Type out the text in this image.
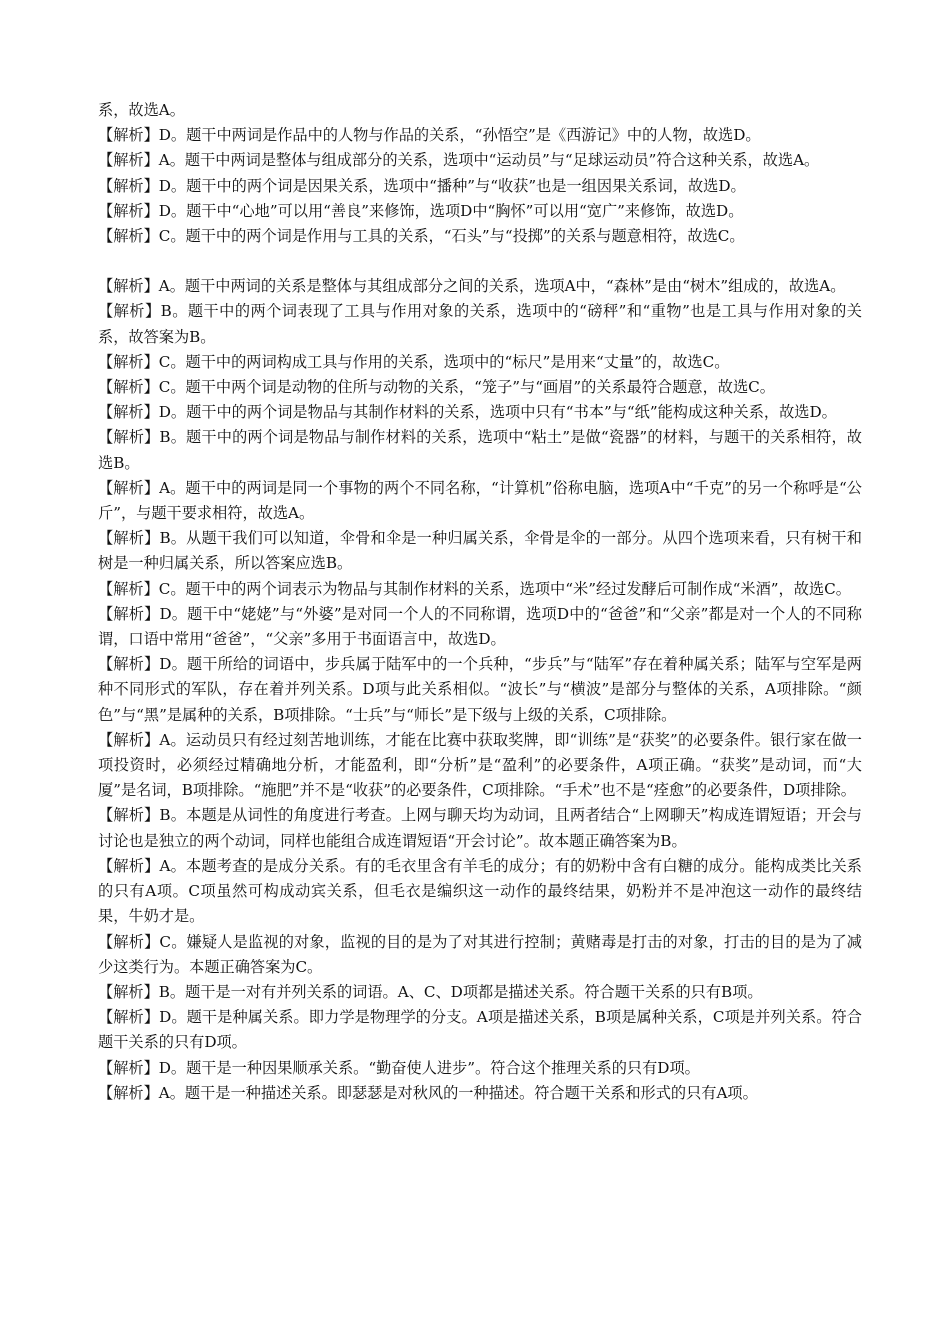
系，故选A。

【解析】D。题干中两词是作品中的人物与作品的关系，“孙悟空”是《西游记》中的人物，故选D。

【解析】A。题干中两词是整体与组成部分的关系，选项中“运动员”与“足球运动员”符合这种关系，故选A。

【解析】D。题干中的两个词是因果关系，选项中“播种”与“收获”也是一组因果关系词，故选D。

【解析】D。题干中“心地”可以用“善良”来修饰，选项D中“胸怀”可以用“宽广”来修饰，故选D。

【解析】C。题干中的两个词是作用与工具的关系，“石头”与“投掷”的关系与题意相符，故选C。

【解析】A。题干中两词的关系是整体与其组成部分之间的关系，选项A中，“森林”是由“树木”组成的，故选A。

【解析】B。题干中的两个词表现了工具与作用对象的关系，选项中的“磅秤”和“重物”也是工具与作用对象的关系，故答案为B。

【解析】C。题干中的两词构成工具与作用的关系，选项中的“标尺”是用来“丈量”的，故选C。

【解析】C。题干中两个词是动物的住所与动物的关系，“笼子”与“画眉”的关系最符合题意，故选C。

【解析】D。题干中的两个词是物品与其制作材料的关系，选项中只有“书本”与“纸”能构成这种关系，故选D。

【解析】B。题干中的两个词是物品与制作材料的关系，选项中“粘土”是做“瓷器”的材料，与题干的关系相符，故选B。

【解析】A。题干中的两词是同一个事物的两个不同名称，“计算机”俗称电脑，选项A中“千克”的另一个称呼是“公斤”，与题干要求相符，故选A。

【解析】B。从题干我们可以知道，伞骨和伞是一种归属关系，伞骨是伞的一部分。从四个选项来看，只有树干和树是一种归属关系，所以答案应选B。

【解析】C。题干中的两个词表示为物品与其制作材料的关系，选项中“米”经过发酵后可制作成“米酒”，故选C。

【解析】D。题干中“姥姥”与“外婆”是对同一个人的不同称谓，选项D中的“爸爸”和“父亲”都是对一个人的不同称谓，口语中常用“爸爸”，“父亲”多用于书面语言中，故选D。

【解析】D。题干所给的词语中，步兵属于陆军中的一个兵种，“步兵”与“陆军”存在着种属关系；陆军与空军是两种不同形式的军队，存在着并列关系。D项与此关系相似。“波长”与“横波”是部分与整体的关系，A项排除。“颜色”与“黑”是属种的关系，B项排除。“士兵”与“师长”是下级与上级的关系，C项排除。

【解析】A。运动员只有经过刻苦地训练，才能在比赛中获取奖牌，即“训练”是“获奖”的必要条件。银行家在做一项投资时，必须经过精确地分析，才能盈利，即“分析”是“盈利”的必要条件，A项正确。“获奖”是动词，而“大厦”是名词，B项排除。“施肥”并不是“收获”的必要条件，C项排除。“手术”也不是“痊愈”的必要条件，D项排除。

【解析】B。本题是从词性的角度进行考查。上网与聊天均为动词，且两者结合“上网聊天”构成连谓短语；开会与讨论也是独立的两个动词，同样也能组合成连谓短语“开会讨论”。故本题正确答案为B。

【解析】A。本题考查的是成分关系。有的毛衣里含有羊毛的成分；有的奶粉中含有白糖的成分。能构成类比关系的只有A项。C项虽然可构成动宾关系，但毛衣是编织这一动作的最终结果，奶粉并不是冲泡这一动作的最终结果，牛奶才是。

【解析】C。嫌疑人是监视的对象，监视的目的是为了对其进行控制；黄赌毒是打击的对象，打击的目的是为了减少这类行为。本题正确答案为C。

【解析】B。题干是一对有并列关系的词语。A、C、D项都是描述关系。符合题干关系的只有B项。

【解析】D。题干是种属关系。即力学是物理学的分支。A项是描述关系，B项是属种关系，C项是并列关系。符合题干关系的只有D项。

【解析】D。题干是一种因果顺承关系。“勤奋使人进步”。符合这个推理关系的只有D项。

【解析】A。题干是一种描述关系。即瑟瑟是对秋风的一种描述。符合题干关系和形式的只有A项。
